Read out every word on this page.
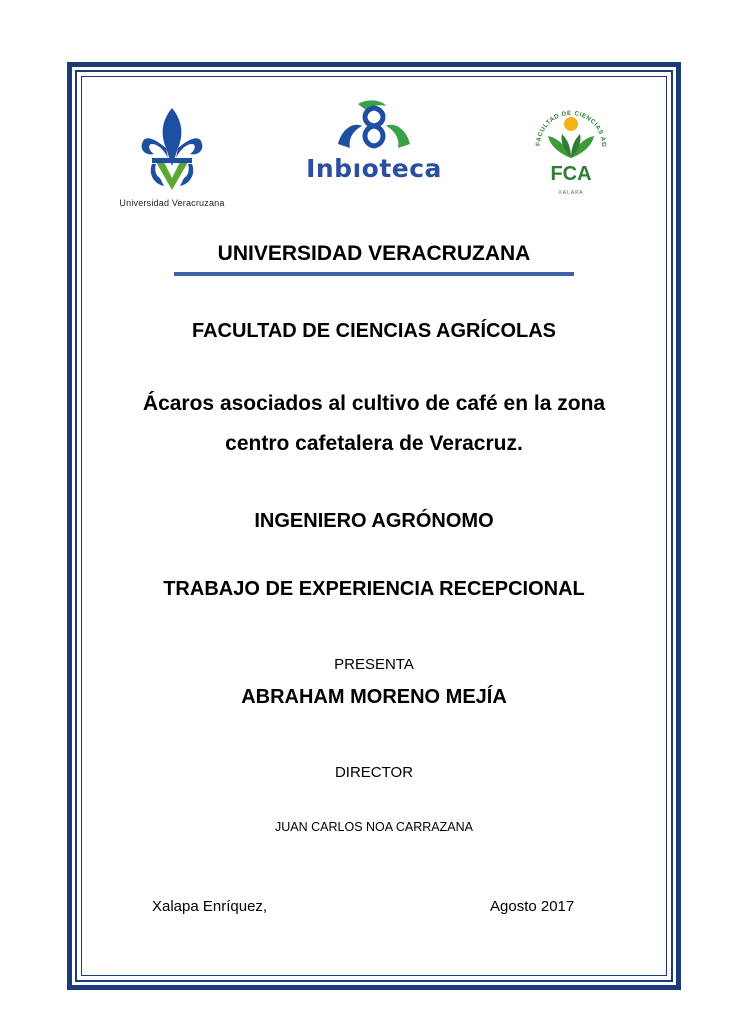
Universidad Veracruzana
Inbıoteca
FACULTAD DE CIENCIAS AG
FCA
XALAPA
UNIVERSIDAD VERACRUZANA
FACULTAD DE CIENCIAS AGRÍCOLAS
Ácaros asociados al cultivo de café en la zona
centro cafetalera de Veracruz.
INGENIERO AGRÓNOMO
TRABAJO DE EXPERIENCIA RECEPCIONAL
PRESENTA
ABRAHAM MORENO MEJÍA
DIRECTOR
JUAN CARLOS NOA CARRAZANA
Xalapa Enríquez,	Agosto 2017
